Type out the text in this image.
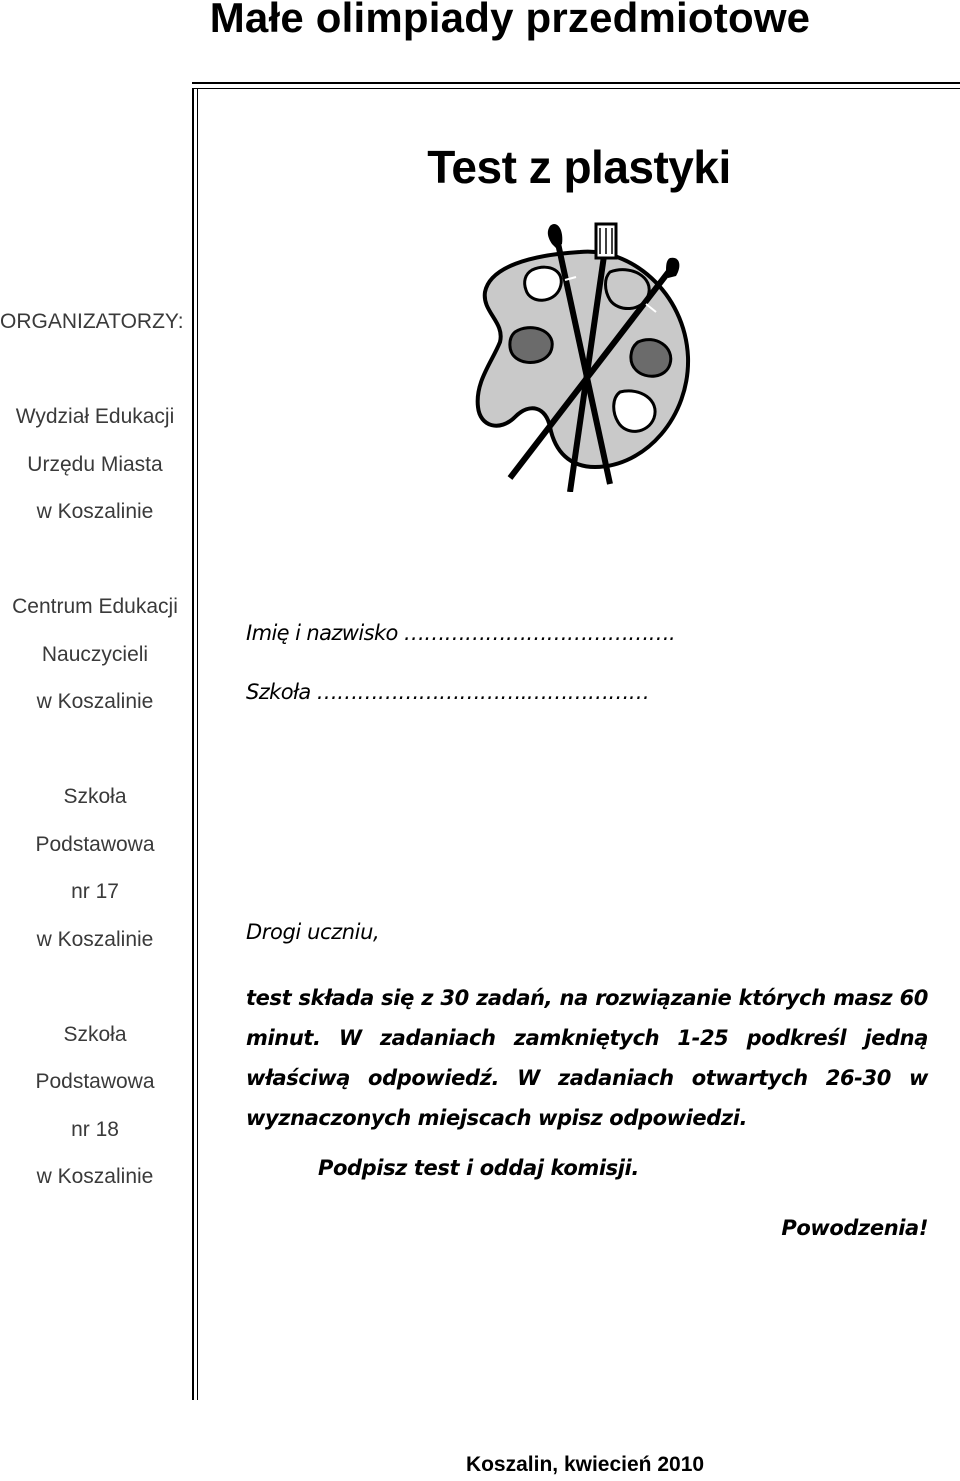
Małe olimpiady przedmiotowe
Test z plastyki
ORGANIZATORZY:
Wydział Edukacji
Urzędu Miasta
w Koszalinie
Centrum Edukacji
Nauczycieli
w Koszalinie
Szkoła
Podstawowa
nr 17
w Koszalinie
Szkoła
Podstawowa
nr 18
w Koszalinie
Imię i nazwisko ………………………………….
Szkoła ………………………….………………
Drogi uczniu,
test składa się z 30 zadań, na rozwiązanie których masz 60 minut. W zadaniach zamkniętych 1-25 podkreśl jedną właściwą odpowiedź. W zadaniach otwartych 26-30 w wyznaczonych miejscach wpisz odpowiedzi.
Podpisz test i oddaj komisji.
Powodzenia!
Koszalin, kwiecień 2010
